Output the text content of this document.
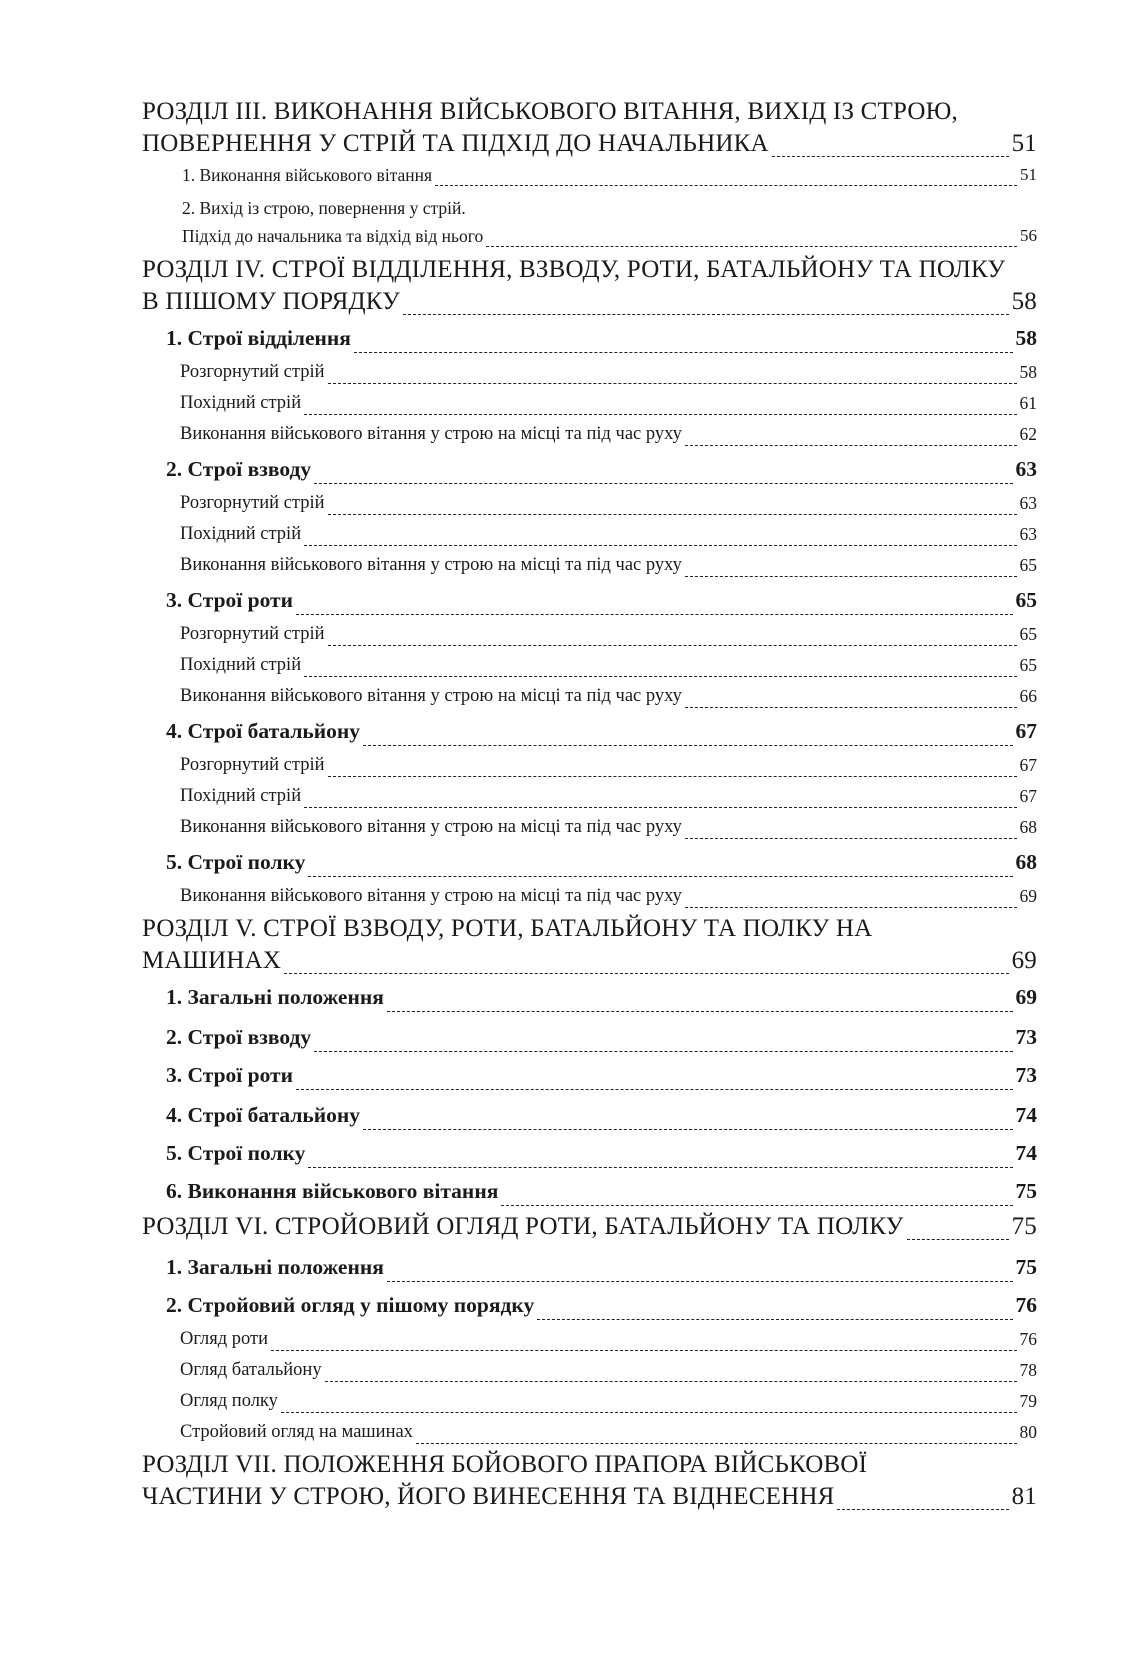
РОЗДІЛ ІІІ. ВИКОНАННЯ ВІЙСЬКОВОГО ВІТАННЯ, ВИХІД ІЗ СТРОЮ,
ПОВЕРНЕННЯ У СТРІЙ ТА ПІДХІД ДО НАЧАЛЬНИКА	51
1. Виконання військового вітання	51
2. Вихід із строю, повернення у стрій.
Підхід до начальника та відхід від нього	56
РОЗДІЛ ІV. СТРОЇ ВІДДІЛЕННЯ, ВЗВОДУ, РОТИ, БАТАЛЬЙОНУ ТА ПОЛКУ
В ПІШОМУ ПОРЯДКУ	58
1. Строї відділення	58
Розгорнутий стрій	58
Похідний стрій	61
Виконання військового вітання у строю на місці та під час руху	62
2. Строї взводу	63
Розгорнутий стрій	63
Похідний стрій	63
Виконання військового вітання у строю на місці та під час руху	65
3. Строї роти	65
Розгорнутий стрій	65
Похідний стрій	65
Виконання військового вітання у строю на місці та під час руху	66
4. Строї батальйону	67
Розгорнутий стрій	67
Похідний стрій	67
Виконання військового вітання у строю на місці та під час руху	68
5. Строї полку	68
Виконання військового вітання у строю на місці та під час руху	69
РОЗДІЛ V. СТРОЇ ВЗВОДУ, РОТИ, БАТАЛЬЙОНУ ТА ПОЛКУ НА
МАШИНАХ	69
1. Загальні положення	69
2. Строї взводу	73
3. Строї роти	73
4. Строї батальйону	74
5. Строї полку	74
6. Виконання військового вітання	75
РОЗДІЛ VІ. СТРОЙОВИЙ ОГЛЯД РОТИ, БАТАЛЬЙОНУ ТА ПОЛКУ	75
1. Загальні положення	75
2. Стройовий огляд у пішому порядку	76
Огляд роти	76
Огляд батальйону	78
Огляд полку	79
Стройовий огляд на машинах	80
РОЗДІЛ VІІ. ПОЛОЖЕННЯ БОЙОВОГО ПРАПОРА ВІЙСЬКОВОЇ
ЧАСТИНИ У СТРОЮ, ЙОГО ВИНЕСЕННЯ ТА ВІДНЕСЕННЯ	81
